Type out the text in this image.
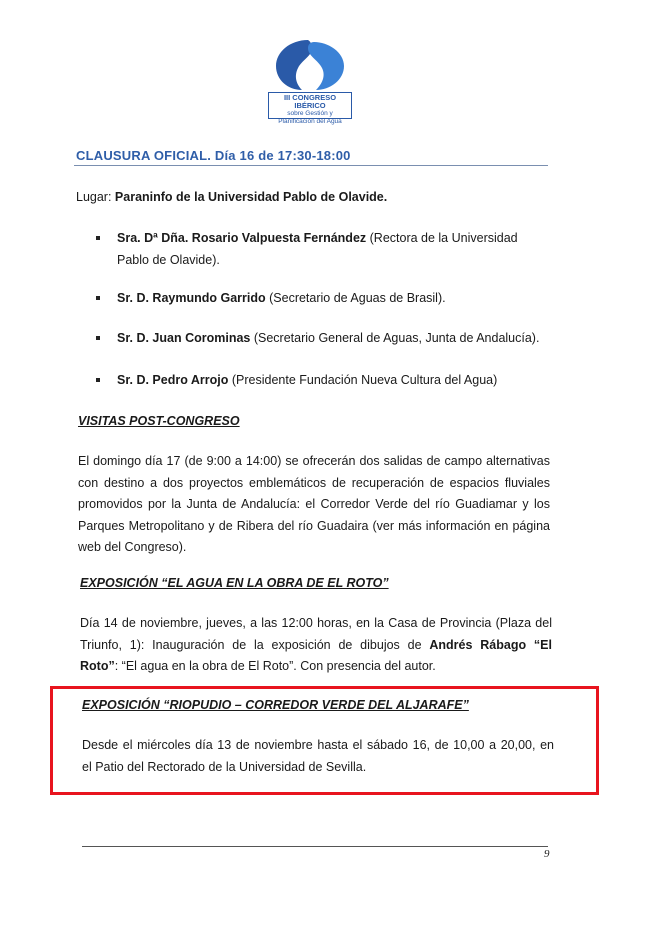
III CONGRESO IBÉRICO
sobre Gestión y
Planificación del Agua
CLAUSURA OFICIAL. Día 16 de 17:30-18:00
Lugar: Paraninfo de la Universidad Pablo de Olavide.
Sra. Dª Dña. Rosario Valpuesta Fernández (Rectora de la Universidad
Pablo de Olavide).
Sr. D. Raymundo Garrido (Secretario de Aguas de Brasil).
Sr. D. Juan Corominas (Secretario General de Aguas, Junta de Andalucía).
Sr. D. Pedro Arrojo (Presidente Fundación Nueva Cultura del Agua)
VISITAS POST-CONGRESO
El domingo día 17 (de 9:00 a 14:00) se ofrecerán dos salidas de campo alternativas
con destino a dos proyectos emblemáticos de recuperación de espacios fluviales
promovidos por la Junta de Andalucía: el Corredor Verde del río Guadiamar y los
Parques Metropolitano y de Ribera del río Guadaira (ver más información en página
web del Congreso).
EXPOSICIÓN “EL AGUA EN LA OBRA DE EL ROTO”
Día 14 de noviembre, jueves, a las 12:00 horas, en la Casa de Provincia (Plaza del
Triunfo, 1): Inauguración de la exposición de dibujos de Andrés Rábago “El
Roto”: “El agua en la obra de El Roto”. Con presencia del autor.
EXPOSICIÓN “RIOPUDIO – CORREDOR VERDE DEL ALJARAFE”
Desde el miércoles día 13 de noviembre hasta el sábado 16, de 10,00 a 20,00, en
el Patio del Rectorado de la Universidad de Sevilla.
9
